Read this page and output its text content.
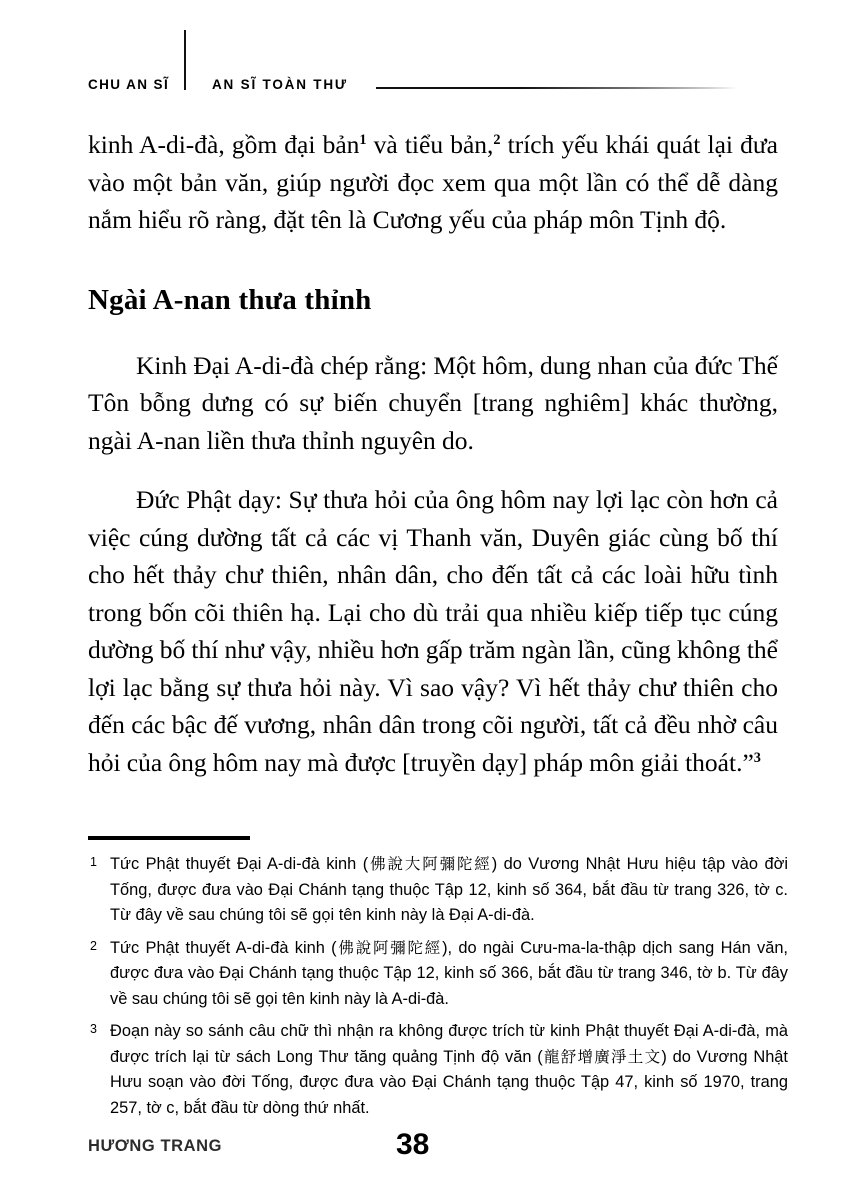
CHU AN SĨ	AN SĨ TOÀN THƯ

kinh A-di-đà, gồm đại bản$^1$ và tiểu bản,$^2$ trích yếu khái quát lại đưa vào một bản văn, giúp người đọc xem qua một lần có thể dễ dàng nắm hiểu rõ ràng, đặt tên là Cương yếu của pháp môn Tịnh độ.

Ngài A-nan thưa thỉnh

Kinh Đại A-di-đà chép rằng: Một hôm, dung nhan của đức Thế Tôn bỗng dưng có sự biến chuyển [trang nghiêm] khác thường, ngài A-nan liền thưa thỉnh nguyên do.

Đức Phật dạy: Sự thưa hỏi của ông hôm nay lợi lạc còn hơn cả việc cúng dường tất cả các vị Thanh văn, Duyên giác cùng bố thí cho hết thảy chư thiên, nhân dân, cho đến tất cả các loài hữu tình trong bốn cõi thiên hạ. Lại cho dù trải qua nhiều kiếp tiếp tục cúng dường bố thí như vậy, nhiều hơn gấp trăm ngàn lần, cũng không thể lợi lạc bằng sự thưa hỏi này. Vì sao vậy? Vì hết thảy chư thiên cho đến các bậc đế vương, nhân dân trong cõi người, tất cả đều nhờ câu hỏi của ông hôm nay mà được [truyền dạy] pháp môn giải thoát.”$^3$

1 Tức Phật thuyết Đại A-di-đà kinh (佛說大阿彌陀經) do Vương Nhật Hưu hiệu tập vào đời Tống, được đưa vào Đại Chánh tạng thuộc Tập 12, kinh số 364, bắt đầu từ trang 326, tờ c. Từ đây về sau chúng tôi sẽ gọi tên kinh này là Đại A-di-đà.
2 Tức Phật thuyết A-di-đà kinh (佛說阿彌陀經), do ngài Cưu-ma-la-thập dịch sang Hán văn, được đưa vào Đại Chánh tạng thuộc Tập 12, kinh số 366, bắt đầu từ trang 346, tờ b. Từ đây về sau chúng tôi sẽ gọi tên kinh này là A-di-đà.
3 Đoạn này so sánh câu chữ thì nhận ra không được trích từ kinh Phật thuyết Đại A-di-đà, mà được trích lại từ sách Long Thư tăng quảng Tịnh độ văn (龍舒增廣淨土文) do Vương Nhật Hưu soạn vào đời Tống, được đưa vào Đại Chánh tạng thuộc Tập 47, kinh số 1970, trang 257, tờ c, bắt đầu từ dòng thứ nhất.
HƯƠNG TRANG	38
